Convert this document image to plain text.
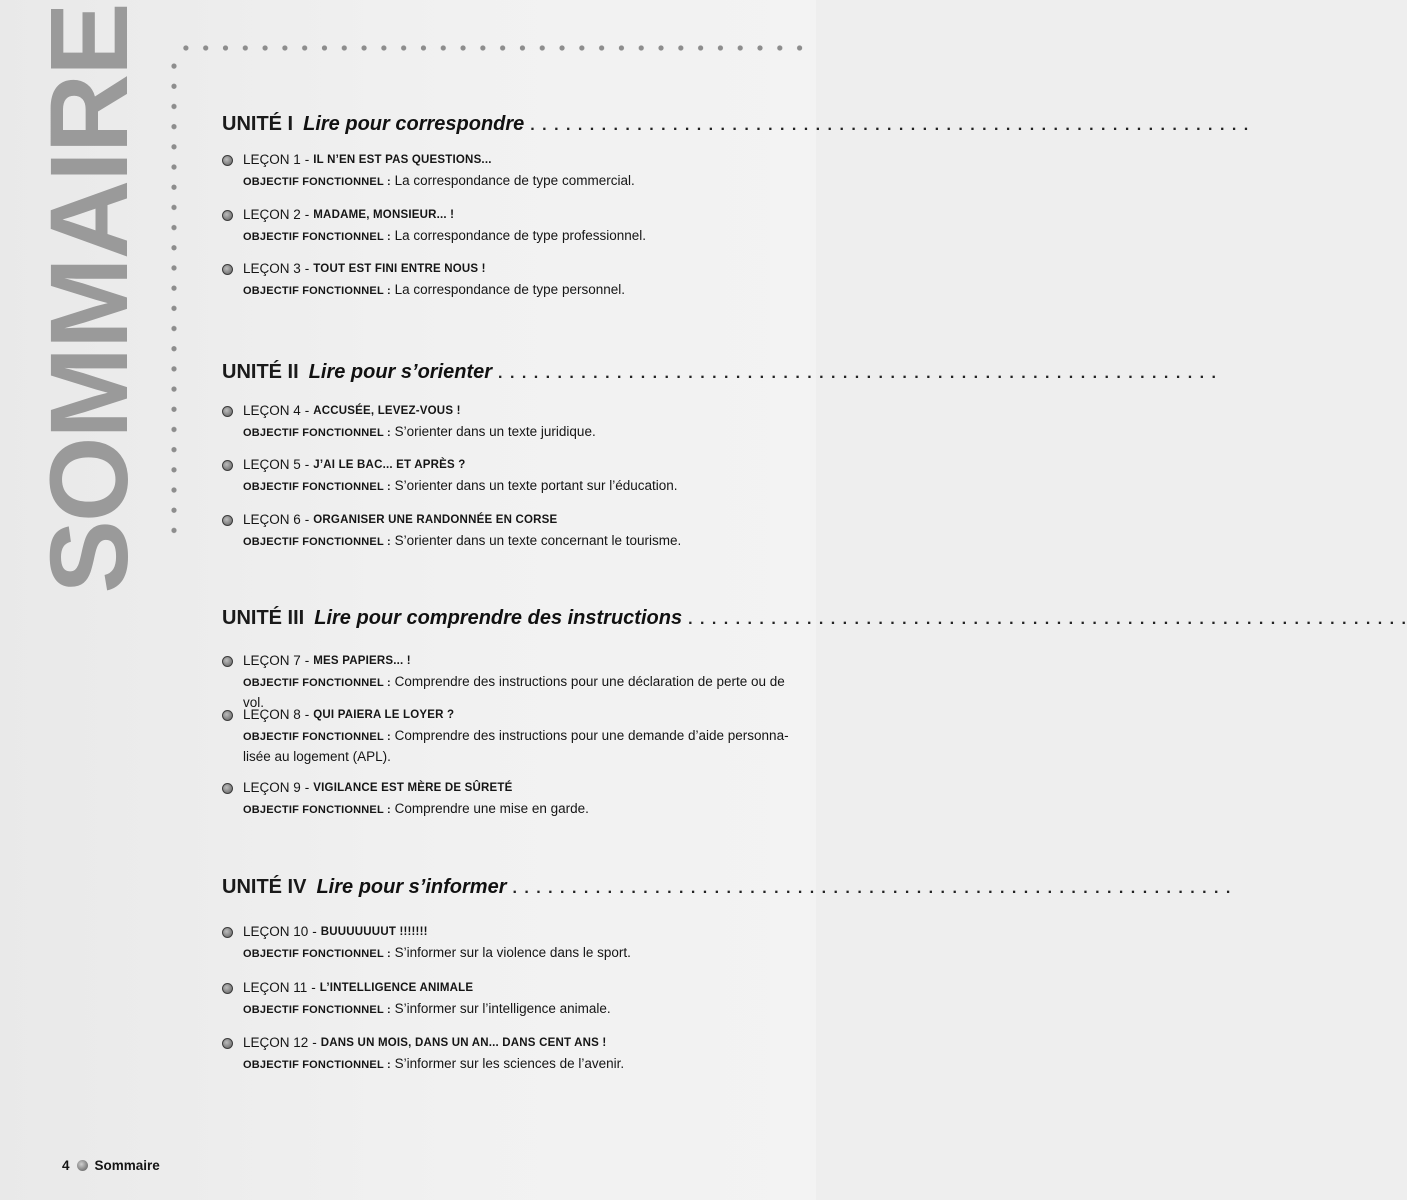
SOMMAIRE	UNITÉ I Lire pour correspondre . . . . . . . . . . . . . . . . . . . . . . . . . . . . . . . . . . . . . . . . . . . . . . . . . . . . . . . . . . . . .
LEÇON 1 - IL N’EN EST PAS QUESTIONS...
OBJECTIF FONCTIONNEL : La correspondance de type commercial.
LEÇON 2 - MADAME, MONSIEUR... !
OBJECTIF FONCTIONNEL : La correspondance de type professionnel.
LEÇON 3 - TOUT EST FINI ENTRE NOUS !
OBJECTIF FONCTIONNEL : La correspondance de type personnel.
UNITÉ II Lire pour s’orienter . . . . . . . . . . . . . . . . . . . . . . . . . . . . . . . . . . . . . . . . . . . . . . . . . . . . . . . . . . . . .
LEÇON 4 - ACCUSÉE, LEVEZ-VOUS !
OBJECTIF FONCTIONNEL : S’orienter dans un texte juridique.
LEÇON 5 - J’AI LE BAC... ET APRÈS ?
OBJECTIF FONCTIONNEL : S’orienter dans un texte portant sur l’éducation.
LEÇON 6 - ORGANISER UNE RANDONNÉE EN CORSE
OBJECTIF FONCTIONNEL : S’orienter dans un texte concernant le tourisme.
UNITÉ III Lire pour comprendre des instructions . . . . . . . . . . . . . . . . . . . . . . . . . . . . . . . . . . . . . . . . . . . . . . . . . . . . . . . . . . . . .
LEÇON 7 - MES PAPIERS... !
OBJECTIF FONCTIONNEL : Comprendre des instructions pour une déclaration de perte ou de vol.
LEÇON 8 - QUI PAIERA LE LOYER ?
OBJECTIF FONCTIONNEL : Comprendre des instructions pour une demande d’aide personna-
lisée au logement (APL).
LEÇON 9 - VIGILANCE EST MÈRE DE SÛRETÉ
OBJECTIF FONCTIONNEL : Comprendre une mise en garde.
UNITÉ IV Lire pour s’informer . . . . . . . . . . . . . . . . . . . . . . . . . . . . . . . . . . . . . . . . . . . . . . . . . . . . . . . . . . . . .
LEÇON 10 - BUUUUUUUT !!!!!!!
OBJECTIF FONCTIONNEL : S’informer sur la violence dans le sport.
LEÇON 11 - L’INTELLIGENCE ANIMALE
OBJECTIF FONCTIONNEL : S’informer sur l’intelligence animale.
LEÇON 12 - DANS UN MOIS, DANS UN AN... DANS CENT ANS !
OBJECTIF FONCTIONNEL : S’informer sur les sciences de l’avenir.
4 Sommaire
